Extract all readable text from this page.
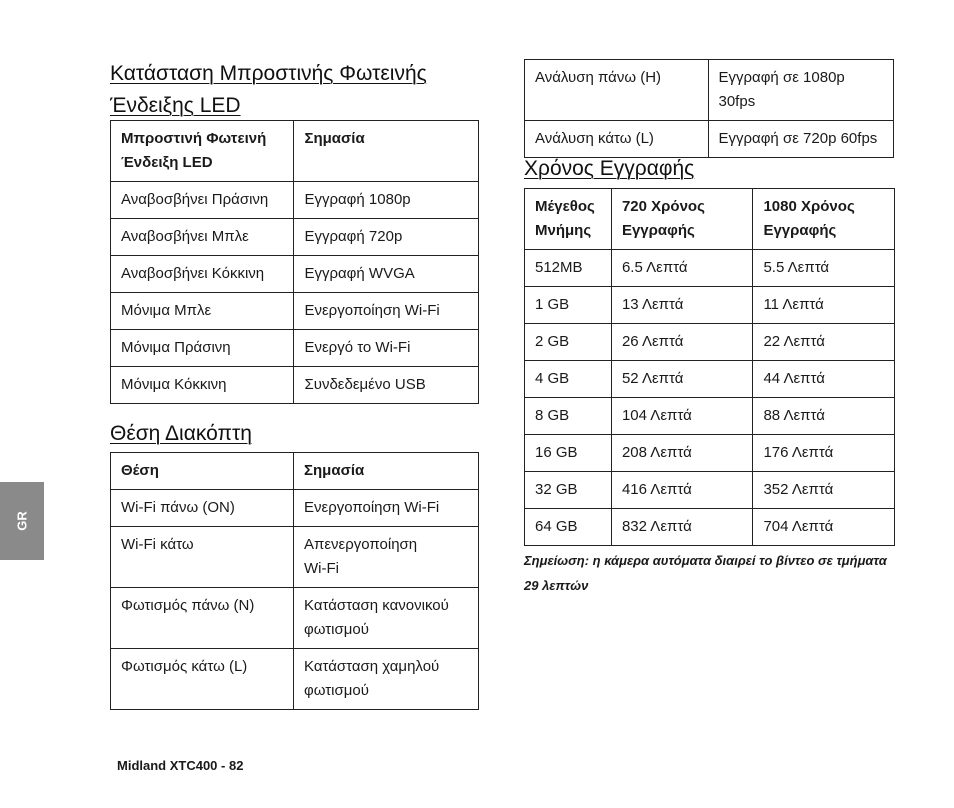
GR
Κατάσταση Μπροστινής Φωτεινής
Ένδειξης LED
Μπροστινή Φωτεινή Ένδειξη LED	Σημασία
Αναβοσβήνει Πράσινη	Εγγραφή 1080p
Αναβοσβήνει Μπλε	Εγγραφή 720p
Αναβοσβήνει Κόκκινη	Εγγραφή WVGA
Μόνιμα Μπλε	Ενεργοποίηση Wi-Fi
Μόνιμα Πράσινη	Ενεργό το Wi-Fi
Μόνιμα Κόκκινη	Συνδεδεμένο USB
Θέση Διακόπτη
Θέση	Σημασία
Wi-Fi πάνω (ON)	Ενεργοποίηση Wi-Fi
Wi-Fi κάτω	Απενεργοποίηση Wi-Fi
Φωτισμός πάνω (N)	Κατάσταση κανονικού φωτισμού
Φωτισμός κάτω (L)	Κατάσταση χαμηλού φωτισμού
Ανάλυση πάνω (H)	Εγγραφή σε 1080p 30fps
Ανάλυση κάτω (L)	Εγγραφή σε 720p 60fps
Χρόνος Εγγραφής
Μέγεθος Μνήμης	720 Χρόνος Εγγραφής	1080 Χρόνος Εγγραφής
512MB	6.5 Λεπτά	5.5 Λεπτά
1 GB	13 Λεπτά	11 Λεπτά
2 GB	26 Λεπτά	22 Λεπτά
4 GB	52 Λεπτά	44 Λεπτά
8 GB	104 Λεπτά	88 Λεπτά
16 GB	208 Λεπτά	176 Λεπτά
32 GB	416 Λεπτά	352 Λεπτά
64 GB	832 Λεπτά	704 Λεπτά
Σημείωση: η κάμερα αυτόματα διαιρεί το βίντεο σε τμήματα 29 λεπτών
Midland XTC400 - 82
